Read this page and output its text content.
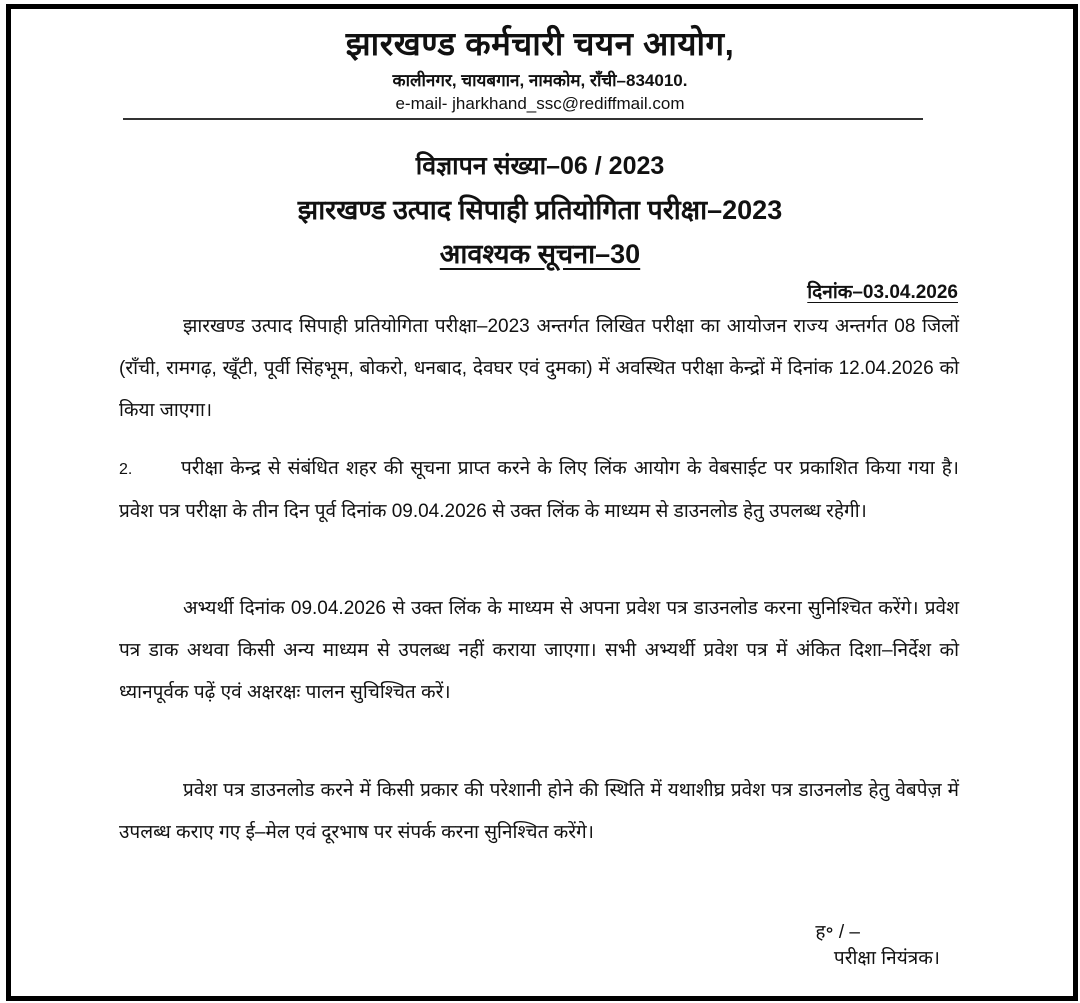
झारखण्ड कर्मचारी चयन आयोग,
कालीनगर, चायबगान, नामकोम, राँची–834010.
e-mail- jharkhand_ssc@rediffmail.com
विज्ञापन संख्या–06 / 2023
झारखण्ड उत्पाद सिपाही प्रतियोगिता परीक्षा–2023
आवश्यक सूचना–30
दिनांक–03.04.2026
झारखण्ड उत्पाद सिपाही प्रतियोगिता परीक्षा–2023 अन्तर्गत लिखित परीक्षा का आयोजन राज्य अन्तर्गत 08 जिलों (राँची, रामगढ़, खूँटी, पूर्वी सिंहभूम, बोकरो, धनबाद, देवघर एवं दुमका) में अवस्थित परीक्षा केन्द्रों में दिनांक 12.04.2026 को किया जाएगा।
2.	परीक्षा केन्द्र से संबंधित शहर की सूचना प्राप्त करने के लिए लिंक आयोग के वेबसाईट पर प्रकाशित किया गया है। प्रवेश पत्र परीक्षा के तीन दिन पूर्व दिनांक 09.04.2026 से उक्त लिंक के माध्यम से डाउनलोड हेतु उपलब्ध रहेगी।
अभ्यर्थी दिनांक 09.04.2026 से उक्त लिंक के माध्यम से अपना प्रवेश पत्र डाउनलोड करना सुनिश्चित करेंगे। प्रवेश पत्र डाक अथवा किसी अन्य माध्यम से उपलब्ध नहीं कराया जाएगा। सभी अभ्यर्थी प्रवेश पत्र में अंकित दिशा–निर्देश को ध्यानपूर्वक पढ़ें एवं अक्षरक्षः पालन सुचिश्चित करें।
प्रवेश पत्र डाउनलोड करने में किसी प्रकार की परेशानी होने की स्थिति में यथाशीघ्र प्रवेश पत्र डाउनलोड हेतु वेबपेज़ में उपलब्ध कराए गए ई–मेल एवं दूरभाष पर संपर्क करना सुनिश्चित करेंगे।
ह॰ / –
परीक्षा नियंत्रक।
